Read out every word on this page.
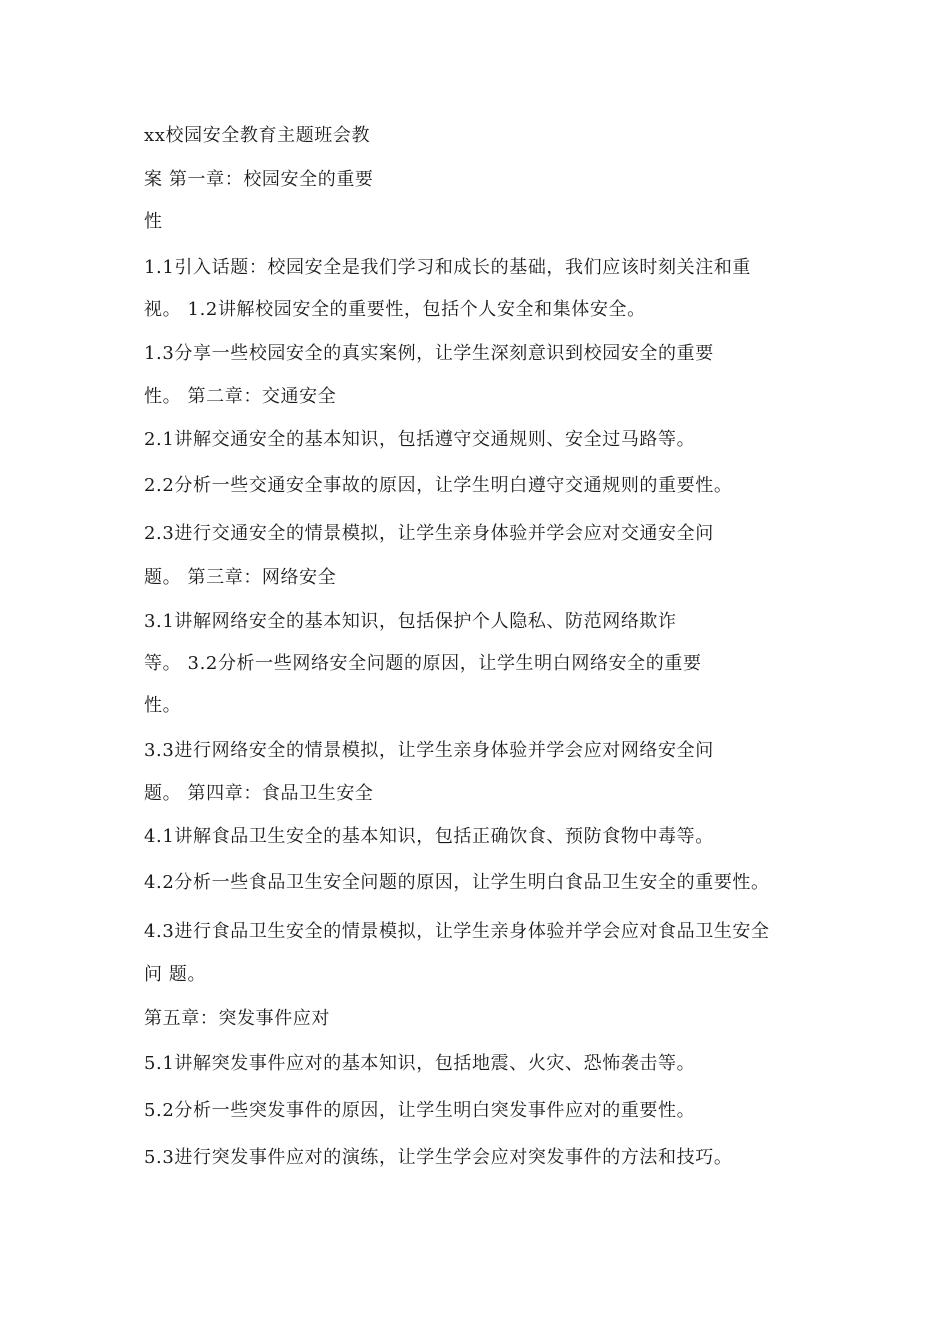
xx校园安全教育主题班会教
案 第一章：校园安全的重要
性
1.1引入话题：校园安全是我们学习和成长的基础，我们应该时刻关注和重
视。 1.2讲解校园安全的重要性，包括个人安全和集体安全。
1.3分享一些校园安全的真实案例，让学生深刻意识到校园安全的重要
性。 第二章：交通安全
2.1讲解交通安全的基本知识，包括遵守交通规则、安全过马路等。
2.2分析一些交通安全事故的原因，让学生明白遵守交通规则的重要性。
2.3进行交通安全的情景模拟，让学生亲身体验并学会应对交通安全问
题。 第三章：网络安全
3.1讲解网络安全的基本知识，包括保护个人隐私、防范网络欺诈
等。 3.2分析一些网络安全问题的原因，让学生明白网络安全的重要
性。
3.3进行网络安全的情景模拟，让学生亲身体验并学会应对网络安全问
题。 第四章：食品卫生安全
4.1讲解食品卫生安全的基本知识，包括正确饮食、预防食物中毒等。
4.2分析一些食品卫生安全问题的原因，让学生明白食品卫生安全的重要性。
4.3进行食品卫生安全的情景模拟，让学生亲身体验并学会应对食品卫生安全
问 题。
第五章：突发事件应对
5.1讲解突发事件应对的基本知识，包括地震、火灾、恐怖袭击等。
5.2分析一些突发事件的原因，让学生明白突发事件应对的重要性。
5.3进行突发事件应对的演练，让学生学会应对突发事件的方法和技巧。
